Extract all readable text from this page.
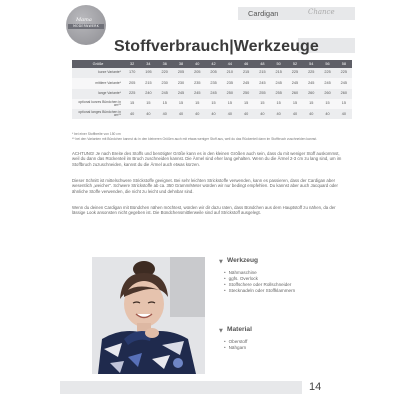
Mama
MODERNWERK
Cardigan	Chance
Stoffverbrauch|Werkzeuge
Größe	32	34	36	38	40	42	44	46	48	50	52	54	56	58
kurze Variante*	170	195	220	205	205	205	210	215	215	215	225	225	225	225
mittlere Variante*	205	215	230	230	235	235	235	245	245	245	245	245	245	245
lange Variante*	225	240	245	245	245	245	250	250	255	255	260	260	260	260
optional kurzes Bündchen in cm**	15	15	15	15	15	15	15	15	15	15	15	15	15	15
optional langes Bündchen in cm**	40	40	40	40	40	40	40	40	40	40	40	40	40	40

* bei einer Stoffbreite von 150 cm

** bei den Varianten mit Bündchen kannst du in den kleineren Größen auch mit etwas weniger Stoff aus, weil du das Rückenteil dann im Stoffbruch zuschneiden kannst.

ACHTUNG! Je nach Breite des Stoffs und benötigter Größe kann es in den kleinen Größen auch sein, dass du mit weniger Stoff auskommst, weil du dann das Rückenteil im Bruch zuschneiden kannst. Die Ärmel sind eher lang gehalten. Wenn du die Ärmel 2-3 cm zu lang sind, um im Stoffbruch zuzuschneiden, kannst du die Ärmel auch etwas kürzen.

Dieser Schnitt ist mittelschwere Strickstoffe geeignet. Bei sehr leichten Strickstoffe verwenden, kann es passieren, dass der Cardigan aber wesentlich „weicher“. Schwere Strickstoffe ab ca. 350 Gramm/Meter würden wir nur bedingt empfehlen. Du kannst aber auch Jacquard oder ähnliche Stoffe verwenden, die nicht zu leicht und dehnbar sind.

Wenn du deinen Cardigan mit Bündchen nähen möchtest, würden wir dir dazu raten, dass Bündchen aus dem Hauptstoff zu nähen, da der lässige Look ansonsten nicht gegeben ist. Die Bündchensmittlerweile sind auf Strickstoff ausgelegt.

▼ Werkzeug
• Nähmaschine
• ggfs. Overlock
• Stoffschere oder Rollschneider
• Stecknadeln oder Stoffklammern
▼ Material
• Oberstoff
• Nähgarn
14
